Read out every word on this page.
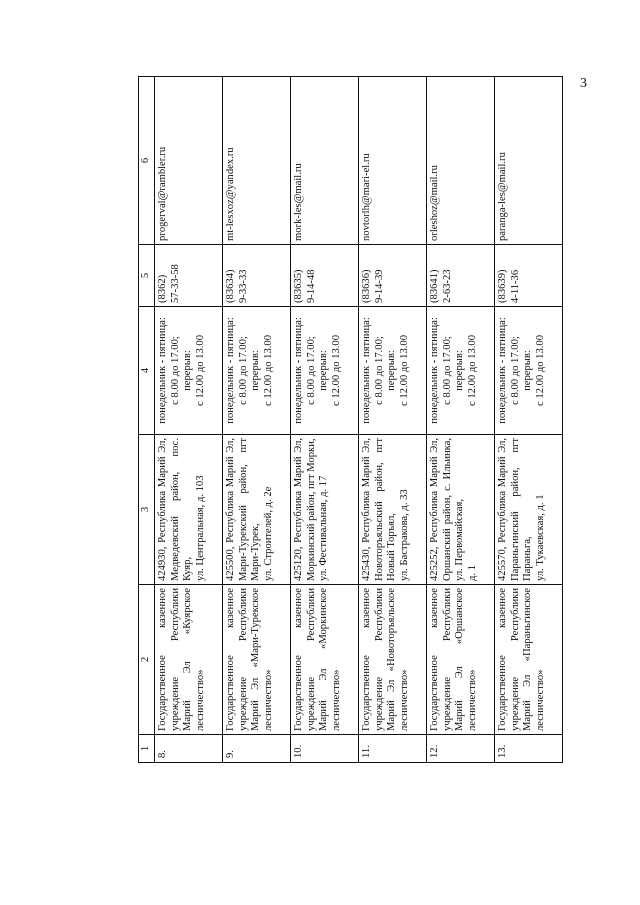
3
1	2	3	4	5	6
8.	Государственное казенное учреждение Республики Марий Эл «Куярское лесничество»	424930, Республика Марий Эл, Медведевский район, пос. Куяр, ул. Центральная, д. 103	понедельник - пятница: с 8.00 до 17.00; перерыв: с 12.00 до 13.00	(8362) 57-33-58	progerval@rambler.ru
9.	Государственное казенное учреждение Республики Марий Эл «Мари-Турекское лесничество»	425500, Республика Марий Эл, Мари-Турекский район, пгт Мари-Турек, ул. Строителей, д. 2е	понедельник - пятница: с 8.00 до 17.00; перерыв: с 12.00 до 13.00	(83634) 9-33-33	mt-lesxoz@yandex.ru
10.	Государственное казенное учреждение Республики Марий Эл «Моркинское лесничество»	425120, Республика Марий Эл, Моркинский район, пгт Морки, ул. Фестивальная, д. 17	понедельник - пятница: с 8.00 до 17.00; перерыв: с 12.00 до 13.00	(83635) 9-14-48	mork-les@mail.ru
11.	Государственное казенное учреждение Республики Марий Эл «Новоторъяльское лесничество»	425430, Республика Марий Эл, Новоторъяльский район, пгт Новый Торъял, ул. Бастракова, д. 33	понедельник - пятница: с 8.00 до 17.00; перерыв: с 12.00 до 13.00	(83636) 9-14-39	novtorlh@mari-el.ru
12.	Государственное казенное учреждение Республики Марий Эл «Оршанское лесничество»	425252, Республика Марий Эл, Оршанский район, с. Ильинка, ул. Первомайская, д. 1	понедельник - пятница: с 8.00 до 17.00; перерыв: с 12.00 до 13.00	(83641) 2-63-23	orleshoz@mail.ru
13.	Государственное казенное учреждение Республики Марий Эл «Параньгинское лесничество»	425570, Республика Марий Эл, Параньгинский район, пгт Параньга, ул. Тукаевская, д. 1	понедельник - пятница: с 8.00 до 17.00; перерыв: с 12.00 до 13.00	(83639) 4-11-36	paranga-les@mail.ru
